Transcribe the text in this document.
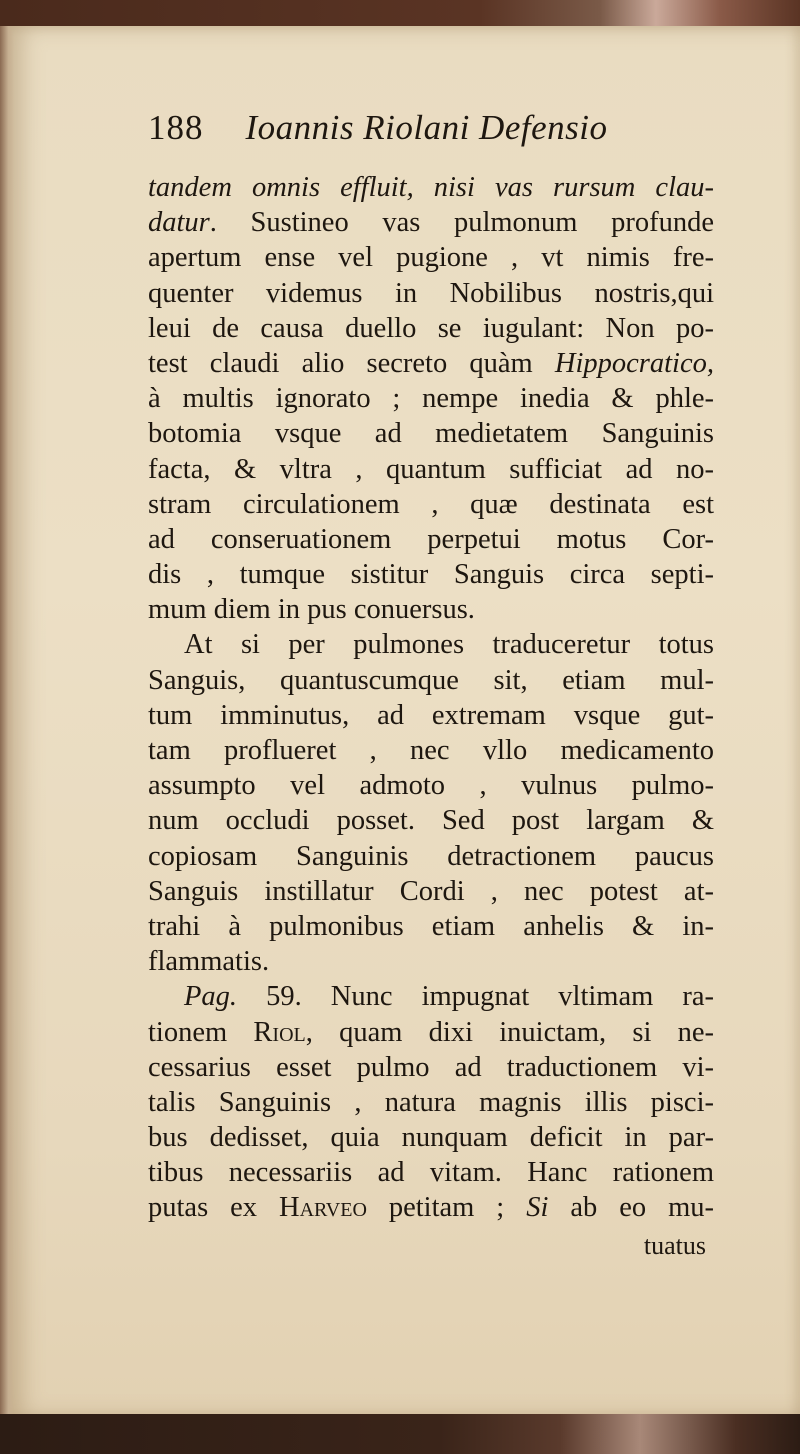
188 Ioannis Riolani Defensio
tandem omnis effluit, nisi vas rursum clau-
datur. Sustineo vas pulmonum profunde
apertum ense vel pugione , vt nimis fre-
quenter videmus in Nobilibus nostris,qui
leui de causa duello se iugulant: Non po-
test claudi alio secreto quàm Hippocratico,
à multis ignorato ; nempe inedia & phle-
botomia vsque ad medietatem Sanguinis
facta, & vltra , quantum sufficiat ad no-
stram circulationem , quæ destinata est
ad conseruationem perpetui motus Cor-
dis , tumque sistitur Sanguis circa septi-
mum diem in pus conuersus.
At si per pulmones traduceretur totus
Sanguis, quantuscumque sit, etiam mul-
tum imminutus, ad extremam vsque gut-
tam proflueret , nec vllo medicamento
assumpto vel admoto , vulnus pulmo-
num occludi posset. Sed post largam &
copiosam Sanguinis detractionem paucus
Sanguis instillatur Cordi , nec potest at-
trahi à pulmonibus etiam anhelis & in-
flammatis.
Pag. 59. Nunc impugnat vltimam ra-
tionem Riol, quam dixi inuictam, si ne-
cessarius esset pulmo ad traductionem vi-
talis Sanguinis , natura magnis illis pisci-
bus dedisset, quia nunquam deficit in par-
tibus necessariis ad vitam. Hanc rationem
putas ex Harveo petitam ; Si ab eo mu-
tuatus
